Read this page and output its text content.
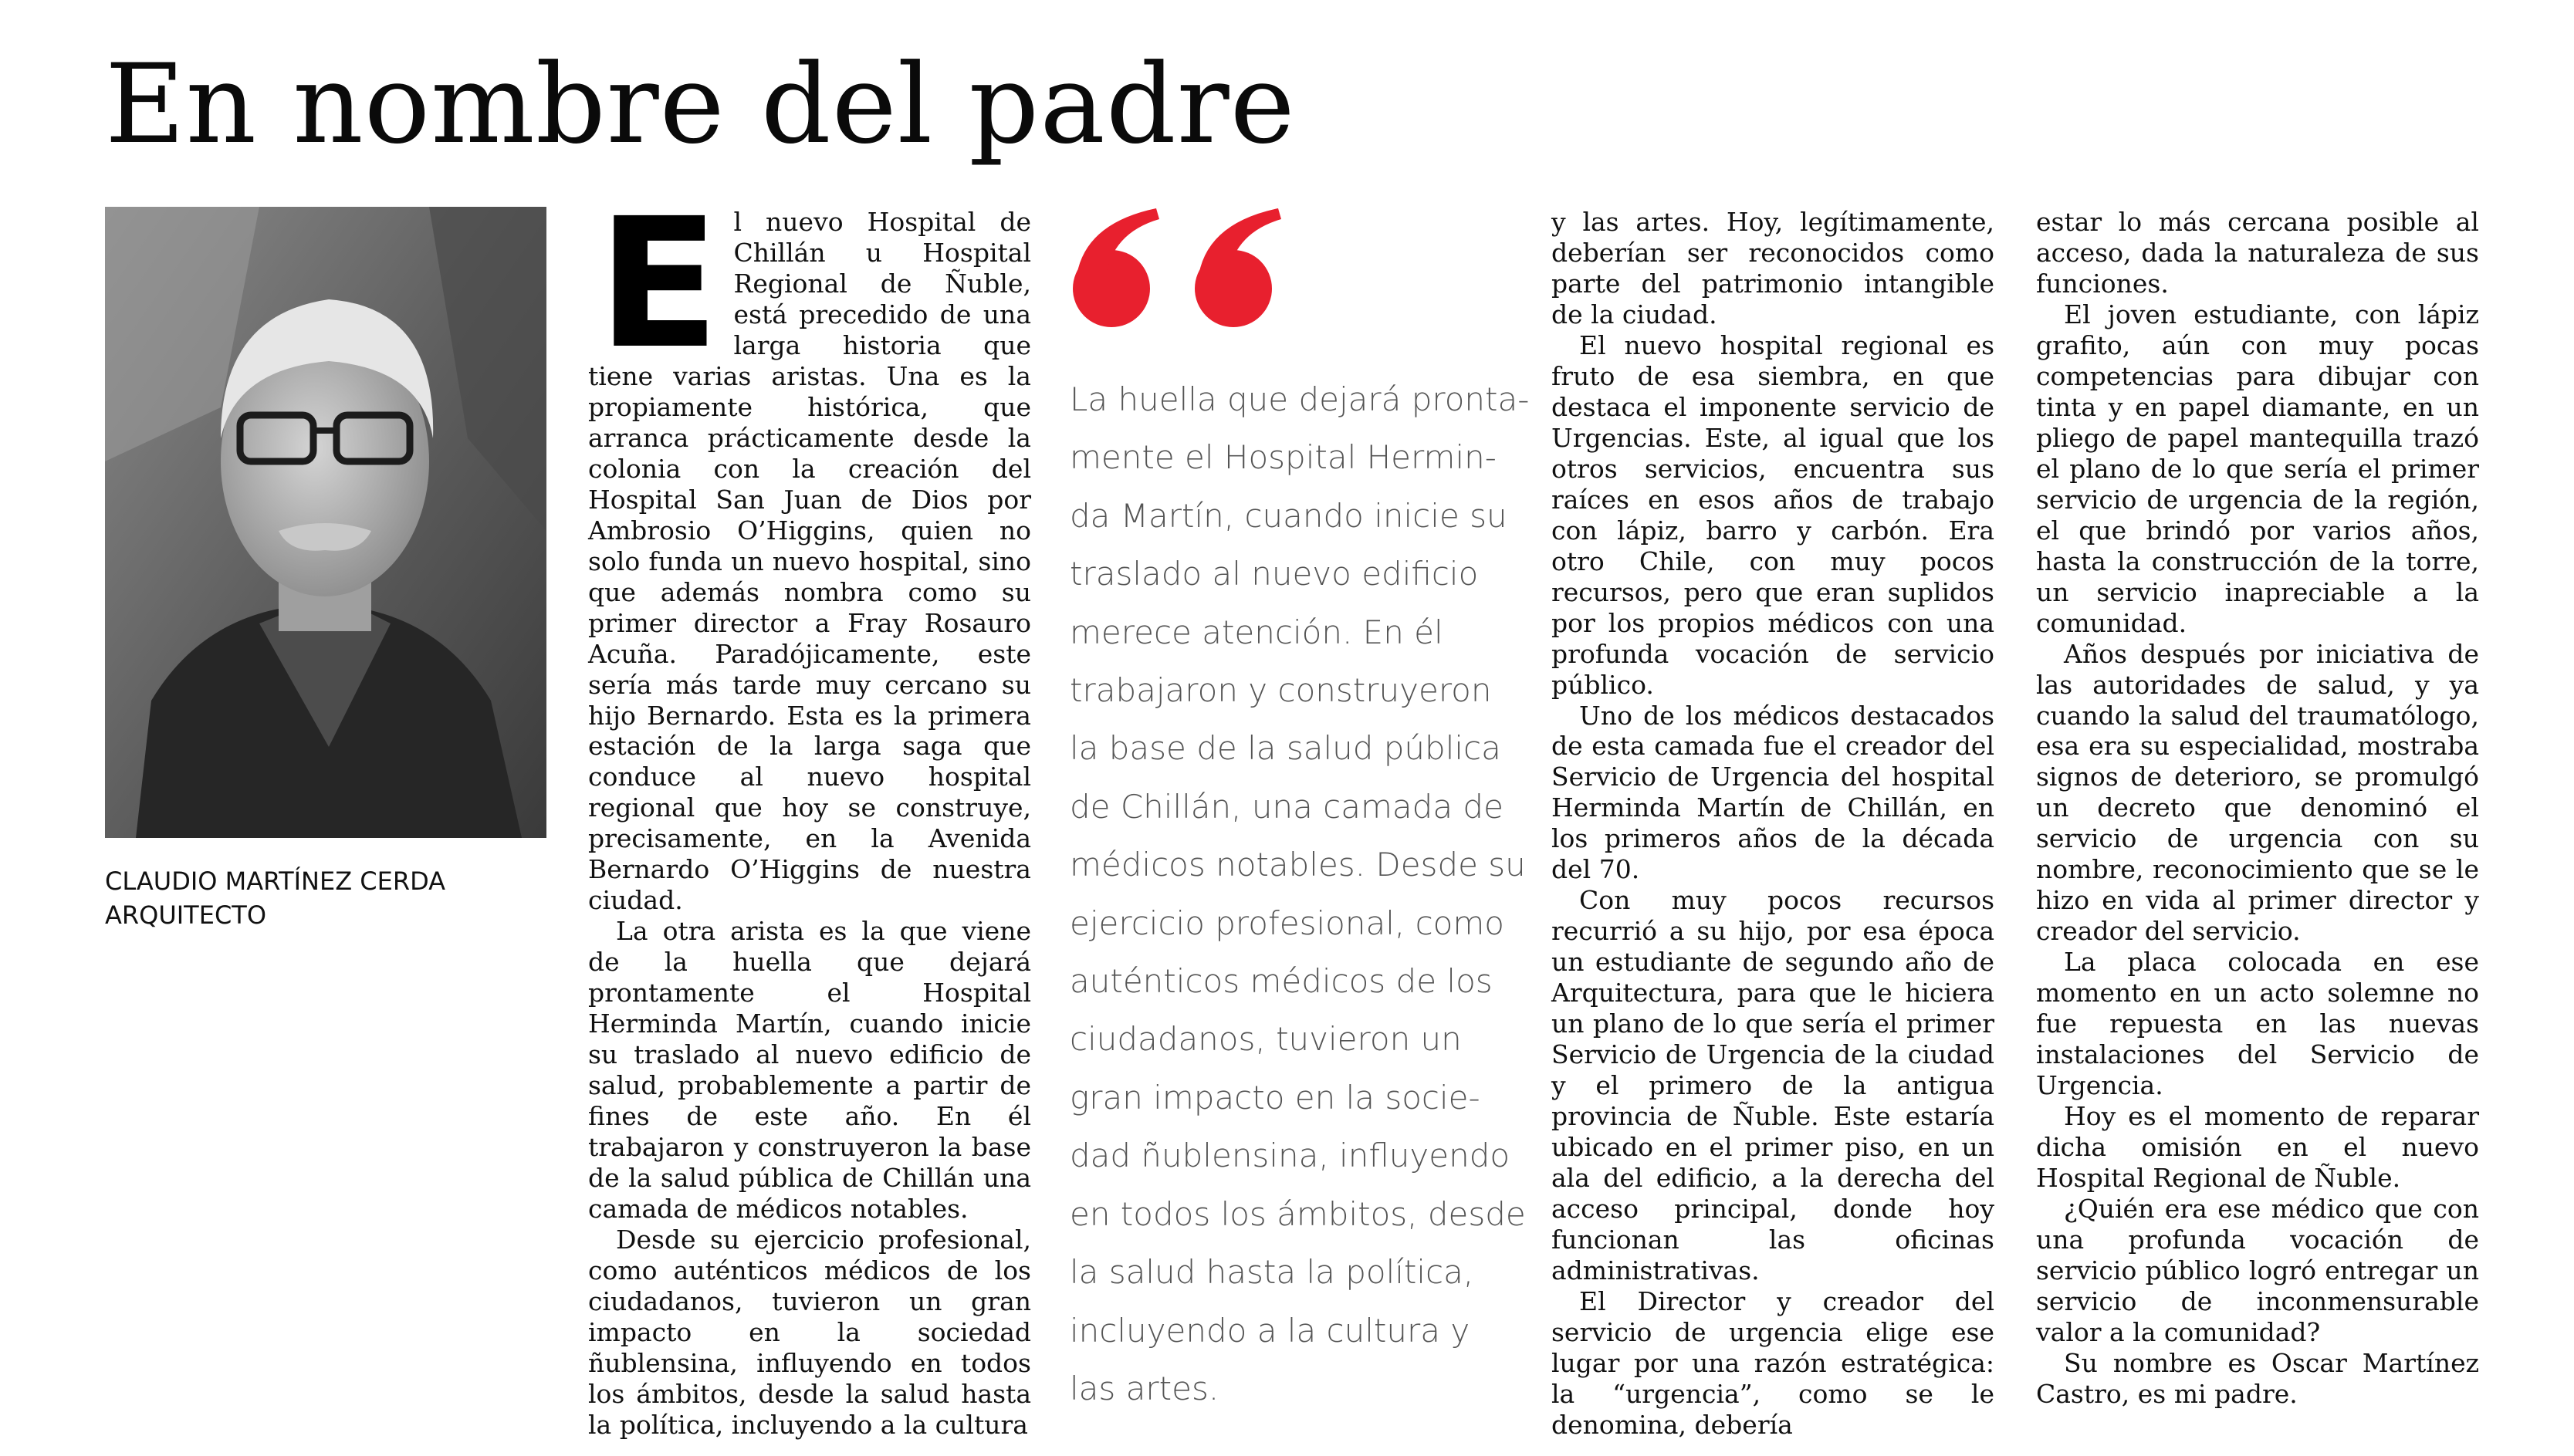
En nombre del padre
CLAUDIO MARTÍNEZ CERDA
ARQUITECTO

El nuevo Hospital de Chillán u Hospital Regional de Ñuble, está precedido de una larga historia que tiene varias aristas. Una es la propiamente histórica, que arranca prácticamente desde la colonia con la creación del Hospital San Juan de Dios por Ambrosio O’Higgins, quien no solo funda un nuevo hospital, sino que además nombra como su primer director a Fray Rosauro Acuña. Paradójicamente, este sería más tarde muy cercano su hijo Bernardo. Esta es la primera estación de la larga saga que conduce al nuevo hospital regional que hoy se construye, precisamente, en la Avenida Bernardo O’Higgins de nuestra ciudad.

La otra arista es la que viene de la huella que dejará prontamente el Hospital Herminda Martín, cuando inicie su traslado al nuevo edificio de salud, probablemente a partir de fines de este año. En él trabajaron y construyeron la base de la salud pública de Chillán una camada de médicos notables.

Desde su ejercicio profesional, como auténticos médicos de los ciudadanos, tuvieron un gran impacto en la sociedad ñublensina, influyendo en todos los ámbitos, desde la salud hasta la política, incluyendo a la cultura

La huella que dejará pronta-
mente el Hospital Hermin-
da Martín, cuando inicie su
traslado al nuevo edificio
merece atención. En él
trabajaron y construyeron
la base de la salud pública
de Chillán, una camada de
médicos notables. Desde su
ejercicio profesional, como
auténticos médicos de los
ciudadanos, tuvieron un
gran impacto en la socie-
dad ñublensina, influyendo
en todos los ámbitos, desde
la salud hasta la política,
incluyendo a la cultura y
las artes.

y las artes. Hoy, legítimamente, deberían ser reconocidos como parte del patrimonio intangible de la ciudad.

El nuevo hospital regional es fruto de esa siembra, en que destaca el imponente servicio de Urgencias. Este, al igual que los otros servicios, encuentra sus raíces en esos años de trabajo con lápiz, barro y carbón. Era otro Chile, con muy pocos recursos, pero que eran suplidos por los propios médicos con una profunda vocación de servicio público.

Uno de los médicos destacados de esta camada fue el creador del Servicio de Urgencia del hospital Herminda Martín de Chillán, en los primeros años de la década del 70.

Con muy pocos recursos recurrió a su hijo, por esa época un estudiante de segundo año de Arquitectura, para que le hiciera un plano de lo que sería el primer Servicio de Urgencia de la ciudad y el primero de la antigua provincia de Ñuble. Este estaría ubicado en el primer piso, en un ala del edificio, a la derecha del acceso principal, donde hoy funcionan las oficinas administrativas.

El Director y creador del servicio de urgencia elige ese lugar por una razón estratégica: la “urgencia”, como se le denomina, debería

estar lo más cercana posible al acceso, dada la naturaleza de sus funciones.

El joven estudiante, con lápiz grafito, aún con muy pocas competencias para dibujar con tinta y en papel diamante, en un pliego de papel mantequilla trazó el plano de lo que sería el primer servicio de urgencia de la región, el que brindó por varios años, hasta la construcción de la torre, un servicio inapreciable a la comunidad.

Años después por iniciativa de las autoridades de salud, y ya cuando la salud del traumatólogo, esa era su especialidad, mostraba signos de deterioro, se promulgó un decreto que denominó el servicio de urgencia con su nombre, reconocimiento que se le hizo en vida al primer director y creador del servicio.

La placa colocada en ese momento en un acto solemne no fue repuesta en las nuevas instalaciones del Servicio de Urgencia.

Hoy es el momento de reparar dicha omisión en el nuevo Hospital Regional de Ñuble.

¿Quién era ese médico que con una profunda vocación de servicio público logró entregar un servicio de inconmensurable valor a la comunidad?

Su nombre es Oscar Martínez Castro, es mi padre.
